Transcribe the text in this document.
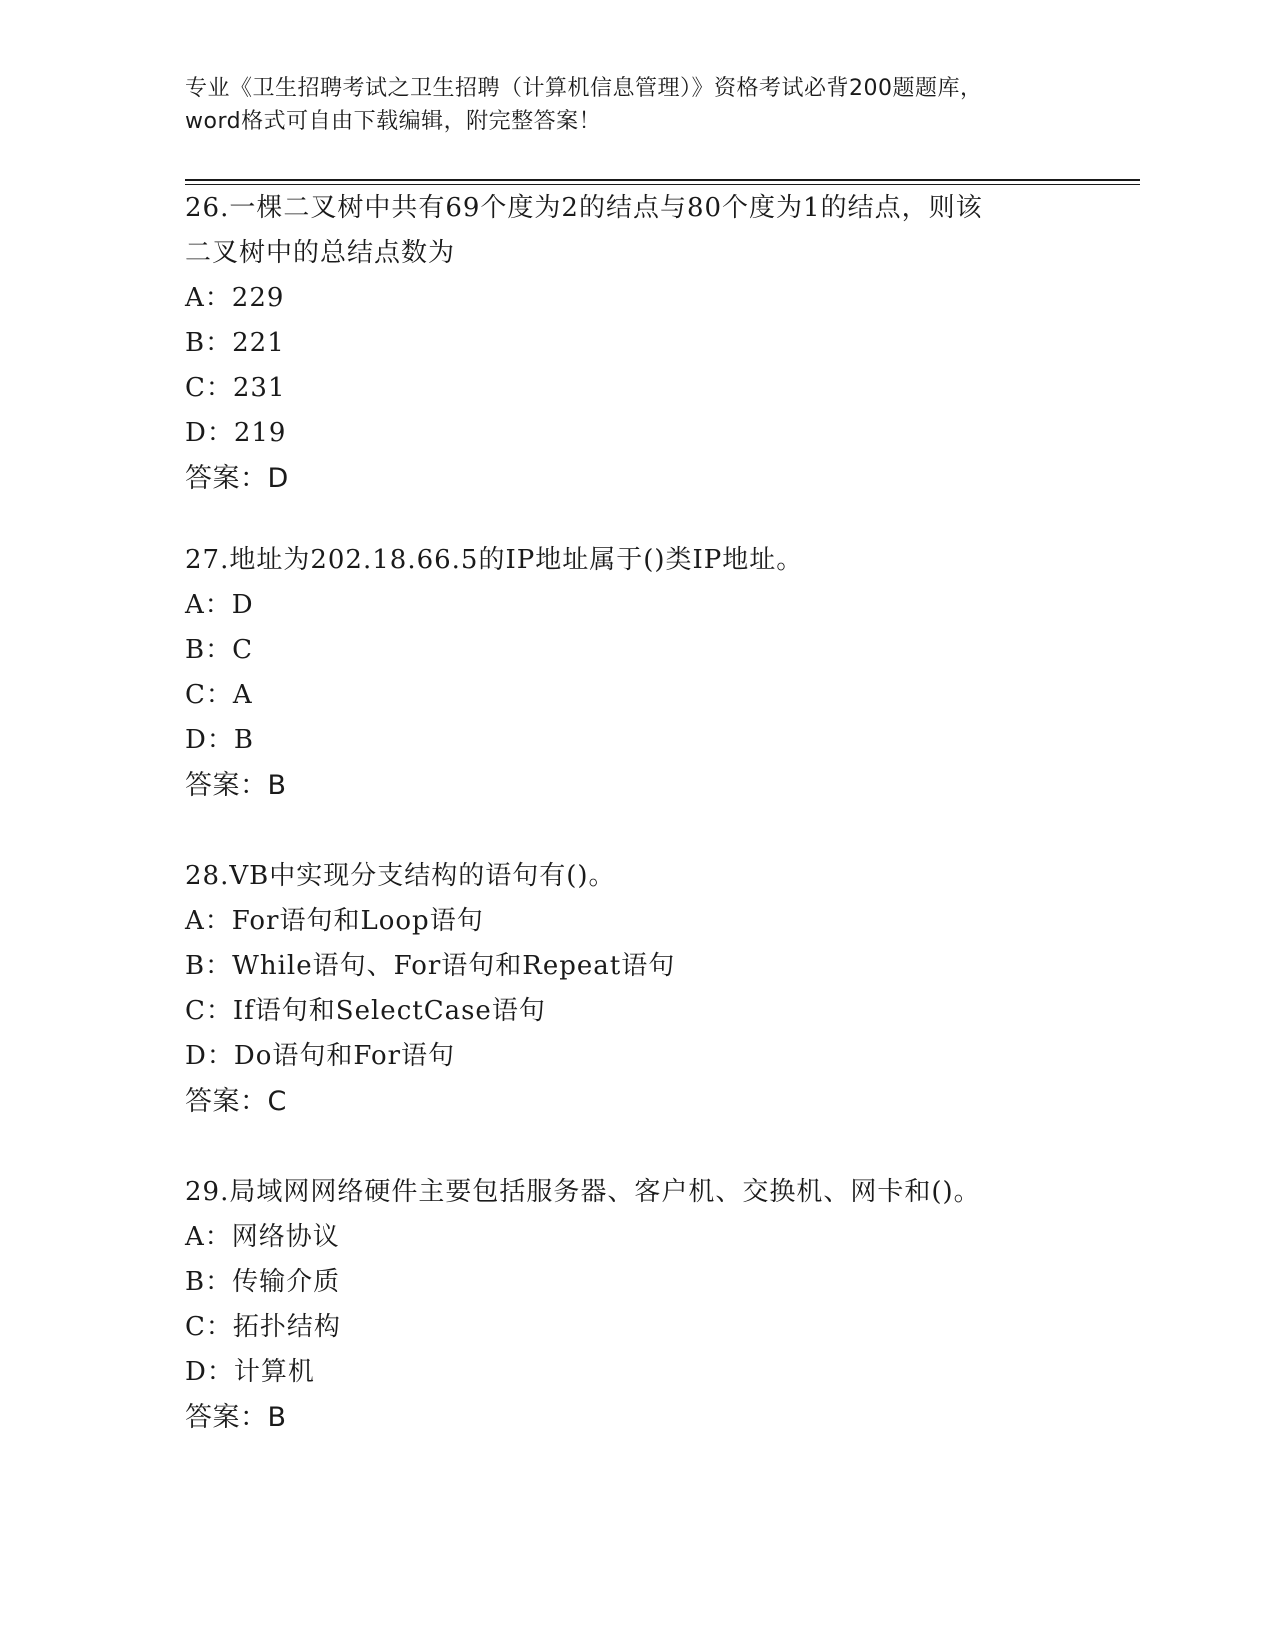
专业《卫生招聘考试之卫生招聘（计算机信息管理）》资格考试必背200题题库，
word格式可自由下载编辑，附完整答案！
26.一棵二叉树中共有69个度为2的结点与80个度为1的结点，则该
二叉树中的总结点数为
A：229
B：221
C：231
D：219
答案：D
27.地址为202.18.66.5的IP地址属于()类IP地址。
A：D
B：C
C：A
D：B
答案：B
28.VB中实现分支结构的语句有()。
A：For语句和Loop语句
B：While语句、For语句和Repeat语句
C：If语句和SelectCase语句
D：Do语句和For语句
答案：C
29.局域网网络硬件主要包括服务器、客户机、交换机、网卡和()。
A：网络协议
B：传输介质
C：拓扑结构
D：计算机
答案：B
